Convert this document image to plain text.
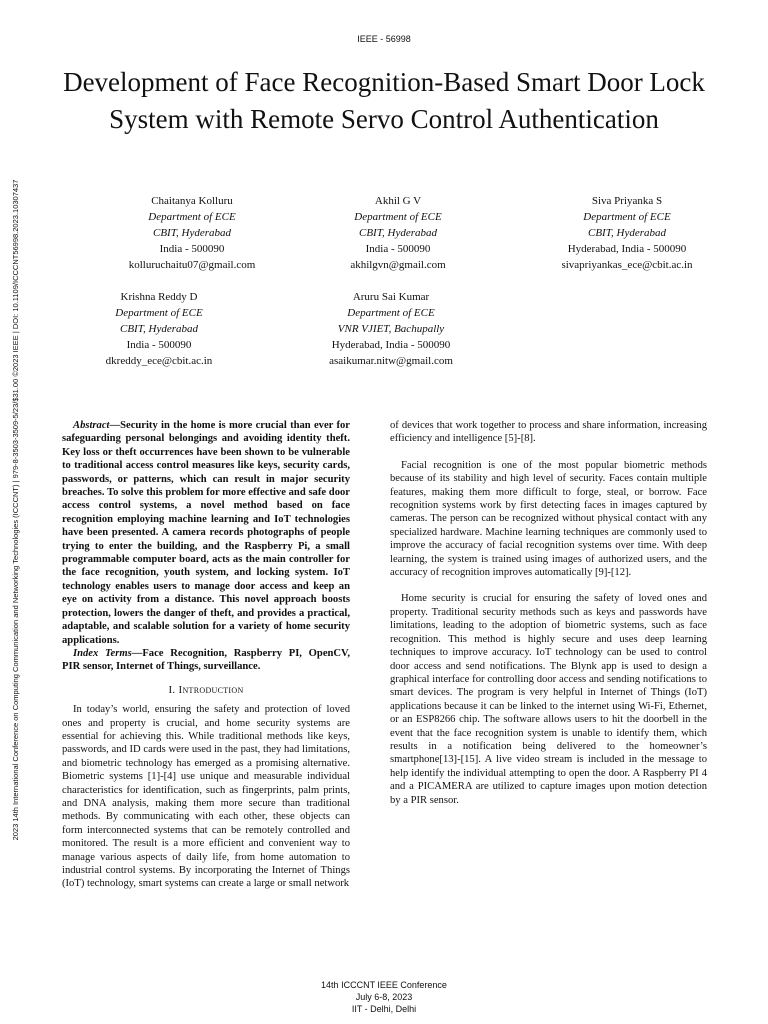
IEEE - 56998
2023 14th International Conference on Computing Communication and Networking Technologies (ICCCNT) | 979-8-3503-3509-5/23/$31.00 ©2023 IEEE | DOI: 10.1109/ICCCNT56998.2023.10307437
Development of Face Recognition-Based Smart Door Lock System with Remote Servo Control Authentication
Chaitanya Kolluru
Department of ECE
CBIT, Hyderabad
India - 500090
kolluruchaitu07@gmail.com
Akhil G V
Department of ECE
CBIT, Hyderabad
India - 500090
akhilgvn@gmail.com
Siva Priyanka S
Department of ECE
CBIT, Hyderabad
Hyderabad, India - 500090
sivapriyankas_ece@cbit.ac.in
Krishna Reddy D
Department of ECE
CBIT, Hyderabad
India - 500090
dkreddy_ece@cbit.ac.in
Aruru Sai Kumar
Department of ECE
VNR VJIET, Bachupally
Hyderabad, India - 500090
asaikumar.nitw@gmail.com

Abstract—Security in the home is more crucial than ever for safeguarding personal belongings and avoiding identity theft. Key loss or theft occurrences have been shown to be vulnerable to traditional access control measures like keys, security cards, passwords, or patterns, which can result in major security breaches. To solve this problem for more effective and safe door access control systems, a novel method based on face recognition employing machine learning and IoT technologies have been presented. A camera records photographs of people trying to enter the building, and the Raspberry Pi, a small programmable computer board, acts as the main controller for the face recognition, youth system, and locking system. IoT technology enables users to manage door access and keep an eye on activity from a distance. This novel approach boosts protection, lowers the danger of theft, and provides a practical, adaptable, and scalable solution for a variety of home security applications.

Index Terms—Face Recognition, Raspberry PI, OpenCV, PIR sensor, Internet of Things, surveillance.

I. Introduction

In today’s world, ensuring the safety and protection of loved ones and property is crucial, and home security systems are essential for achieving this. While traditional methods like keys, passwords, and ID cards were used in the past, they had limitations, and biometric technology has emerged as a promising alternative. Biometric systems [1]-[4] use unique and measurable individual characteristics for identification, such as fingerprints, palm prints, and DNA analysis, making them more secure than traditional methods. By communicating with each other, these objects can form interconnected systems that can be remotely controlled and monitored. The result is a more efficient and convenient way to manage various aspects of daily life, from home automation to industrial control systems. By incorporating the Internet of Things (IoT) technology, smart systems can create a large or small network

of devices that work together to process and share information, increasing efficiency and intelligence [5]-[8].

Facial recognition is one of the most popular biometric methods because of its stability and high level of security. Faces contain multiple features, making them more difficult to forge, steal, or borrow. Face recognition systems work by first detecting faces in images captured by cameras. The person can be recognized without physical contact with any specialized hardware. Machine learning techniques are commonly used to improve the accuracy of facial recognition systems over time. With deep learning, the system is trained using images of authorized users, and the accuracy of recognition improves automatically [9]-[12].

Home security is crucial for ensuring the safety of loved ones and property. Traditional security methods such as keys and passwords have limitations, leading to the adoption of biometric systems, such as face recognition. This method is highly secure and uses deep learning techniques to improve accuracy. IoT technology can be used to control door access and send notifications. The Blynk app is used to design a graphical interface for controlling door access and sending notifications to smart devices. The program is very helpful in Internet of Things (IoT) applications because it can be linked to the internet using Wi-Fi, Ethernet, or an ESP8266 chip. The software allows users to hit the doorbell in the event that the face recognition system is unable to identify them, which results in a notification being delivered to the homeowner’s smartphone[13]-[15]. A live video stream is included in the message to help identify the individual attempting to open the door. A Raspberry PI 4 and a PICAMERA are utilized to capture images upon motion detection by a PIR sensor.

14th ICCCNT IEEE Conference
July 6-8, 2023
IIT - Delhi, Delhi
